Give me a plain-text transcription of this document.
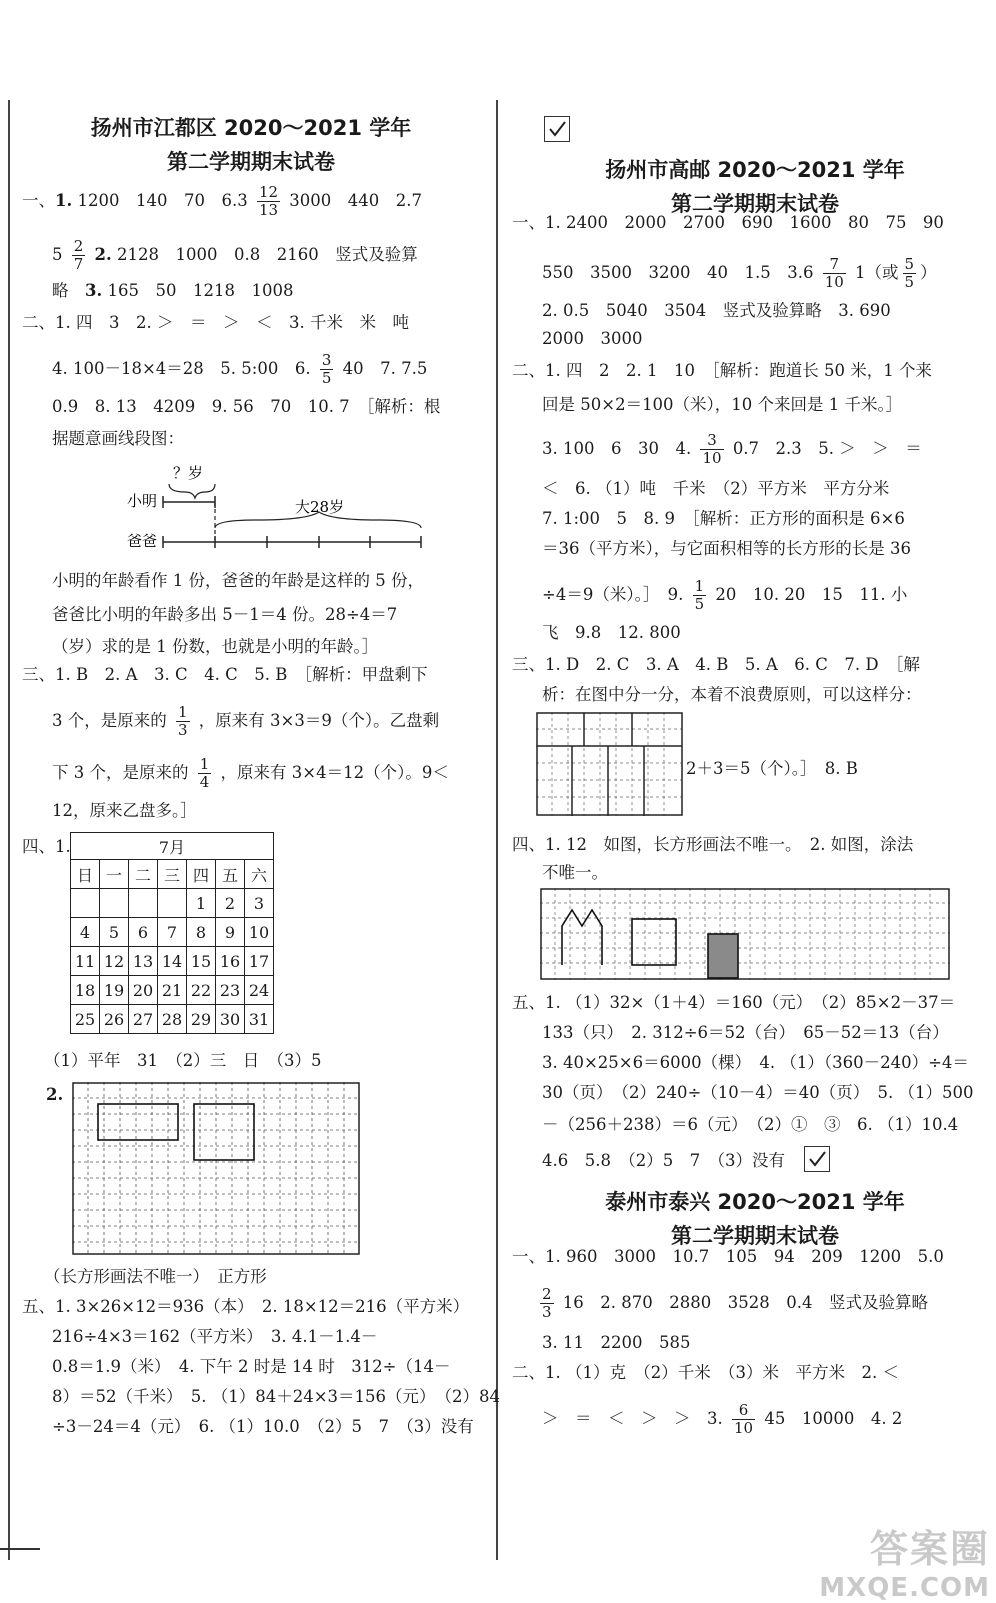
扬州市江都区 2020～2021 学年
第二学期期末试卷
一、1. 1200　140　70　$6.3 \frac{12}{13} 3000$　440　2.7
$5 \frac{2}{7} 2$. 2128　1000　0.8　2160　竖式及验算
略　3. 165　50　1218　1008
二、1. 四　3　2. ＞　＝　＞　＜　3. 千米　米　吨
4. 100－18×4＝28　5. 5:00　6. $\frac{3}{5} 40$　7. 7.5
0.9　8. 13　4209　9. 56　70　10. 7　［解析：根
据题意画线段图：
？岁
小明	大28岁
爸爸
小明的年龄看作 1 份，爸爸的年龄是这样的 5 份，
爸爸比小明的年龄多出 5－1＝4 份。28÷4＝7
（岁）求的是 1 份数，也就是小明的年龄。］
三、1. B　2. A　3. C　4. C　5. B　［解析：甲盘剩下
3 个，是原来的 $\frac{1}{3}$ ，原来有 3×3＝9（个）。乙盘剩
下 3 个，是原来的 $\frac{1}{4}$ ，原来有 3×4＝12（个）。9＜
12，原来乙盘多。］
四、1.	7月						
日	一	二	三	四	五	六
				1	2	3
4	5	6	7	8	9	10
11	12	13	14	15	16	17
18	19	20	21	22	23	24
25	26	27	28	29	30	31
（1）平年　31　（2）三　日　（3）5
2.
（长方形画法不唯一）　正方形
五、1. 3×26×12＝936（本）　2. 18×12＝216（平方米）
216÷4×3＝162（平方米）　3. 4.1－1.4－
0.8＝1.9（米）　4. 下午 2 时是 14 时　312÷（14－
8）＝52（千米）　5. （1）84＋24×3＝156（元）　（2）84
÷3－24＝4（元）　6. （1）10.0　（2）5　7　（3）没有
扬州市高邮 2020～2021 学年
第二学期期末试卷
一、1. 2400　2000　2700　690　1600　80　75　90
550　3500　3200　40　1.5　$3.6 \frac{7}{10} 1$（或 $\frac{5}{5}$ ）
2. 0.5　5040　3504　竖式及验算略　3. 690
2000　3000
二、1. 四　2　2. 1　10　［解析：跑道长 50 米，1 个来
回是 50×2＝100（米），10 个来回是 1 千米。］
3. 100　6　30　4. $\frac{3}{10} 0.7$　2.3　5. ＞　＞　＝
＜　6. （1）吨　千米　（2）平方米　平方分米
7. 1:00　5　8. 9　［解析：正方形的面积是 6×6
＝36（平方米），与它面积相等的长方形的长是 36
÷4＝9（米）。］　9. $\frac{1}{5} 20$　10. 20　15　11. 小
飞　9.8　12. 800
三、1. D　2. C　3. A　4. B　5. A　6. C　7. D　［解
析：在图中分一分，本着不浪费原则，可以这样分：
2＋3＝5（个）。］　8. B
四、1. 12　如图，长方形画法不唯一。　2. 如图，涂法
不唯一。
五、1. （1）32×（1＋4）＝160（元）　（2）85×2－37＝
133（只）　2. 312÷6＝52（台）　65－52＝13（台）
3. 40×25×6＝6000（棵）　4. （1）（360－240）÷4＝
30（页）　（2）240÷（10－4）＝40（页）　5. （1）500
－（256＋238）＝6（元）　（2）①　③　6. （1）10.4
4.6　5.8　（2）5　7　（3）没有
泰州市泰兴 2020～2021 学年
第二学期期末试卷
一、1. 960　3000　10.7　105　94　209　1200　5.0
$\frac{2}{3} 16$　2. 870　2880　3528　0.4　竖式及验算略
3. 11　2200　585
二、1. （1）克　（2）千米　（3）米　平方米　2. ＜
＞　＝　＜　＞　＞　3. $\frac{6}{10} 45$　10000　4. 2
答案圈
MXQE.COM
